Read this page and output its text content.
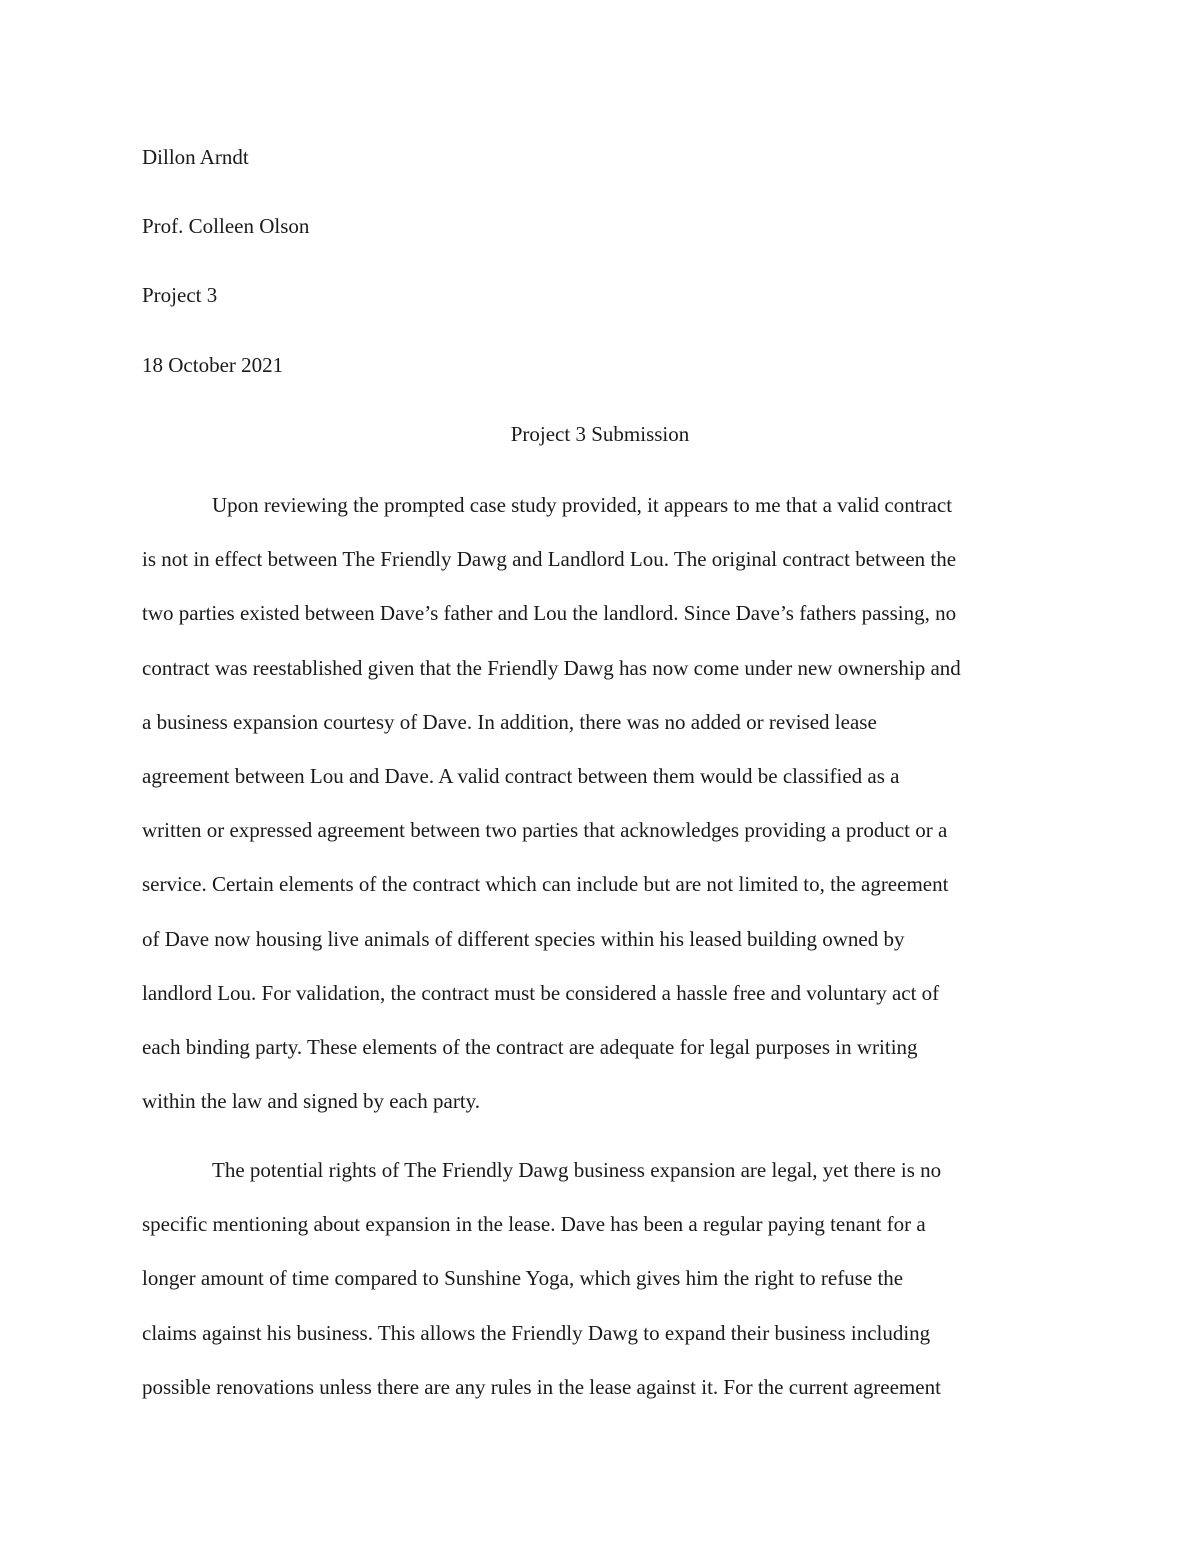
Dillon Arndt

Prof. Colleen Olson

Project 3

18 October 2021

Project 3 Submission

Upon reviewing the prompted case study provided, it appears to me that a valid contract
is not in effect between The Friendly Dawg and Landlord Lou. The original contract between the
two parties existed between Dave’s father and Lou the landlord. Since Dave’s fathers passing, no
contract was reestablished given that the Friendly Dawg has now come under new ownership and
a business expansion courtesy of Dave. In addition, there was no added or revised lease
agreement between Lou and Dave. A valid contract between them would be classified as a
written or expressed agreement between two parties that acknowledges providing a product or a
service. Certain elements of the contract which can include but are not limited to, the agreement
of Dave now housing live animals of different species within his leased building owned by
landlord Lou. For validation, the contract must be considered a hassle free and voluntary act of
each binding party. These elements of the contract are adequate for legal purposes in writing
within the law and signed by each party.
The potential rights of The Friendly Dawg business expansion are legal, yet there is no
specific mentioning about expansion in the lease. Dave has been a regular paying tenant for a
longer amount of time compared to Sunshine Yoga, which gives him the right to refuse the
claims against his business. This allows the Friendly Dawg to expand their business including
possible renovations unless there are any rules in the lease against it. For the current agreement
